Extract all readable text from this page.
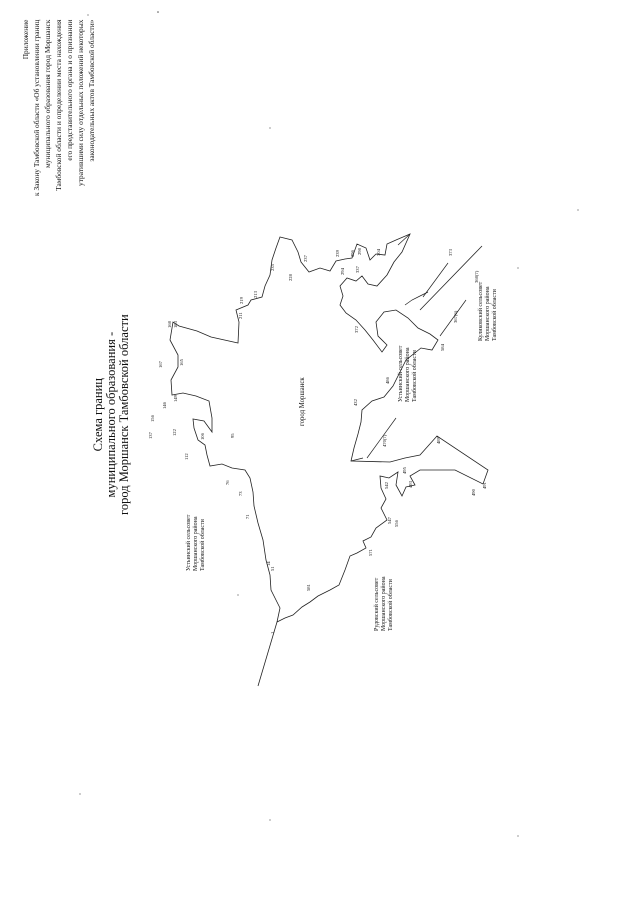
Приложение к Закону Тамбовской области «Об установлении границ муниципального образования город Моршанск Тамбовской области и определении места нахождения его представительного органа и о признании утратившими силу отдельных положений некоторых законодательных актов Тамбовской области»
Схема границ муниципального образования - город Моршанск Тамбовской области	город Моршанск
Устьинский сельсовет Моршанского района Тамбовской области
Устьинский сельсовет Моршанского района Тамбовской области
Куликовский сельсовет Моршанского района Тамбовской области
Рудовский сельсовет Моршанского района Тамбовской области
1
14
51
71
73
76
95
106
112
122
137
146
149
156
165
167
168 183
211
213
219
228
235
237
239
294
296 298	304
337
372
432
470(7)
486
489
490
491
493
495
542
547 556
571
581
584
367(6)
368(7)
373
